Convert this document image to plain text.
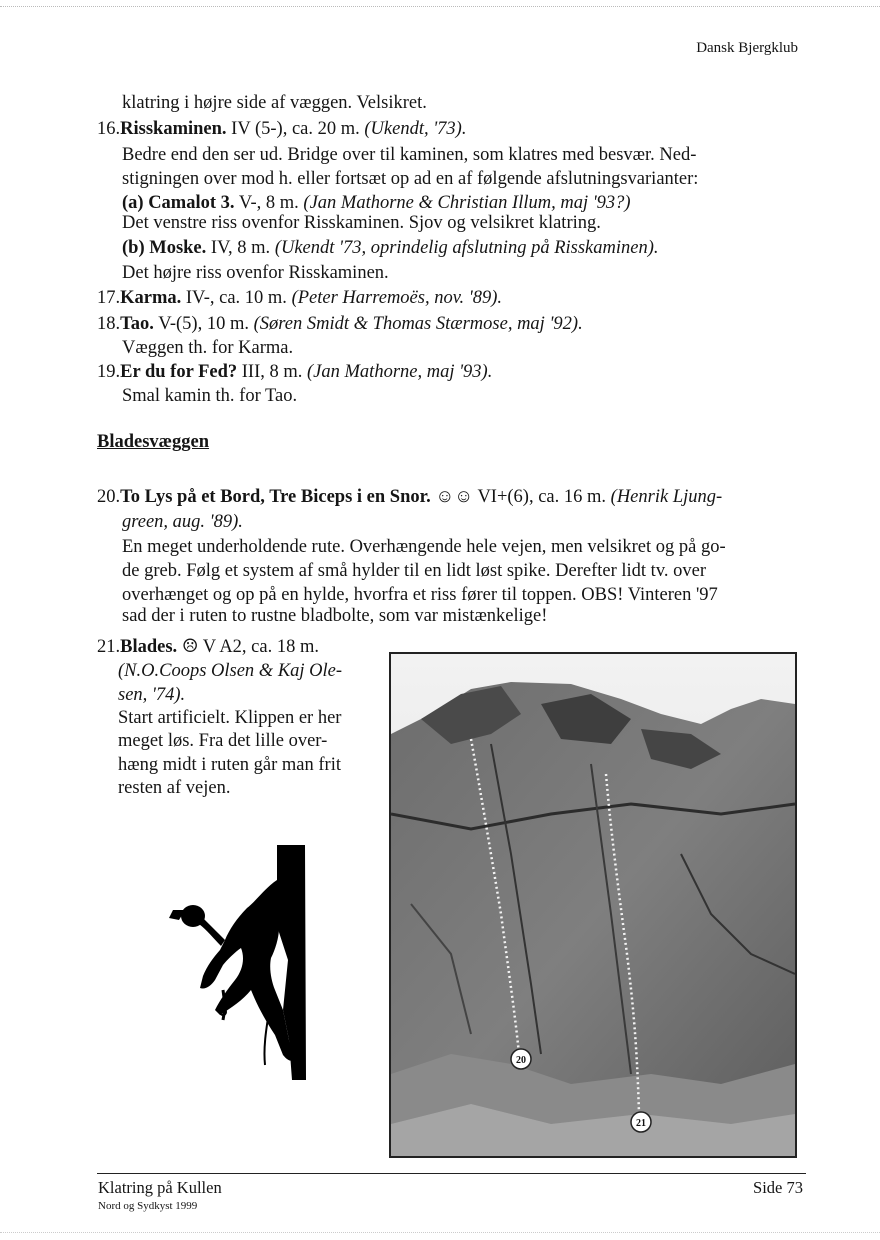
Dansk Bjergklub
klatring i højre side af væggen. Velsikret.
16.Risskaminen. IV (5-), ca. 20 m. (Ukendt, '73).
Bedre end den ser ud. Bridge over til kaminen, som klatres med besvær. Ned-
stigningen over mod h. eller fortsæt op ad en af følgende afslutningsvarianter:
(a) Camalot 3. V-, 8 m. (Jan Mathorne & Christian Illum, maj '93?)
Det venstre riss ovenfor Risskaminen. Sjov og velsikret klatring.
(b) Moske. IV, 8 m. (Ukendt '73, oprindelig afslutning på Risskaminen).
Det højre riss ovenfor Risskaminen.
17.Karma. IV-, ca. 10 m. (Peter Harremoës, nov. '89).
18.Tao. V-(5), 10 m. (Søren Smidt & Thomas Stærmose, maj '92).
Væggen th. for Karma.
19.Er du for Fed? III, 8 m. (Jan Mathorne, maj '93).
Smal kamin th. for Tao.
Bladesvæggen
20.To Lys på et Bord, Tre Biceps i en Snor. ☺☺ VI+(6), ca. 16 m. (Henrik Ljung-
green, aug. '89).
En meget underholdende rute. Overhængende hele vejen, men velsikret og på go-
de greb. Følg et system af små hylder til en lidt løst spike. Derefter lidt tv. over
overhænget og op på en hylde, hvorfra et riss fører til toppen. OBS! Vinteren '97
sad der i ruten to rustne bladbolte, som var mistænkelige!
21.Blades. ☹ V A2, ca. 18 m.
(N.O.Coops Olsen & Kaj Ole-
sen, '74).
Start artificielt. Klippen er her
meget løs. Fra det lille over-
hæng midt i ruten går man frit
resten af vejen.
20
21
Klatring på Kullen
Nord og Sydkyst 1999
Side 73
